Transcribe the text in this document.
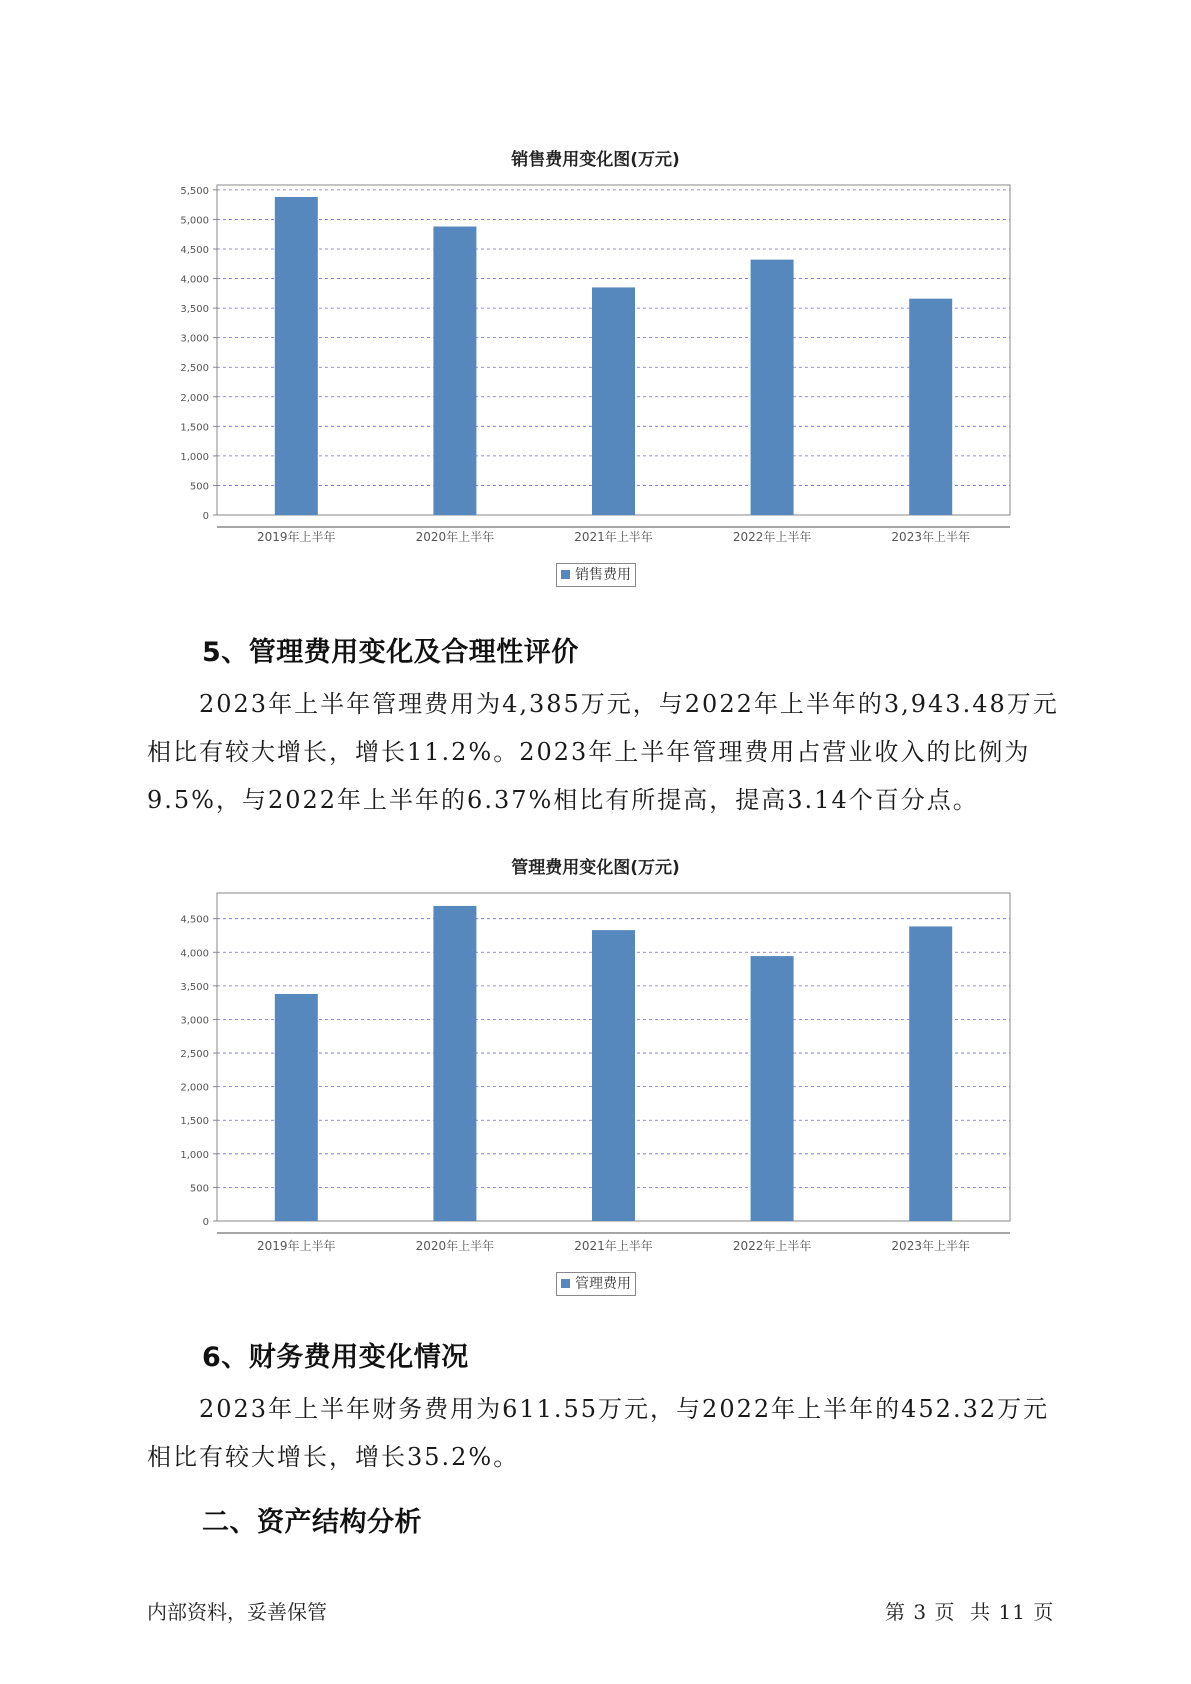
销售费用变化图(万元)
0
500
1,000
1,500
2,000
2,500
3,000
3,500
4,000
4,500
5,000
5,500
2019年上半年	2020年上半年	2021年上半年	2022年上半年	2023年上半年
销售费用
5、管理费用变化及合理性评价

2023年上半年管理费用为4,385万元，与2022年上半年的3,943.48万元相比有较大增长，增长11.2%。2023年上半年管理费用占营业收入的比例为9.5%，与2022年上半年的6.37%相比有所提高，提高3.14个百分点。

管理费用变化图(万元)
0
500
1,000
1,500
2,000
2,500
3,000
3,500
4,000
4,500
2019年上半年	2020年上半年	2021年上半年	2022年上半年	2023年上半年
管理费用
6、财务费用变化情况

2023年上半年财务费用为611.55万元，与2022年上半年的452.32万元相比有较大增长，增长35.2%。

二、资产结构分析
内部资料，妥善保管	第 3 页  共 11 页
